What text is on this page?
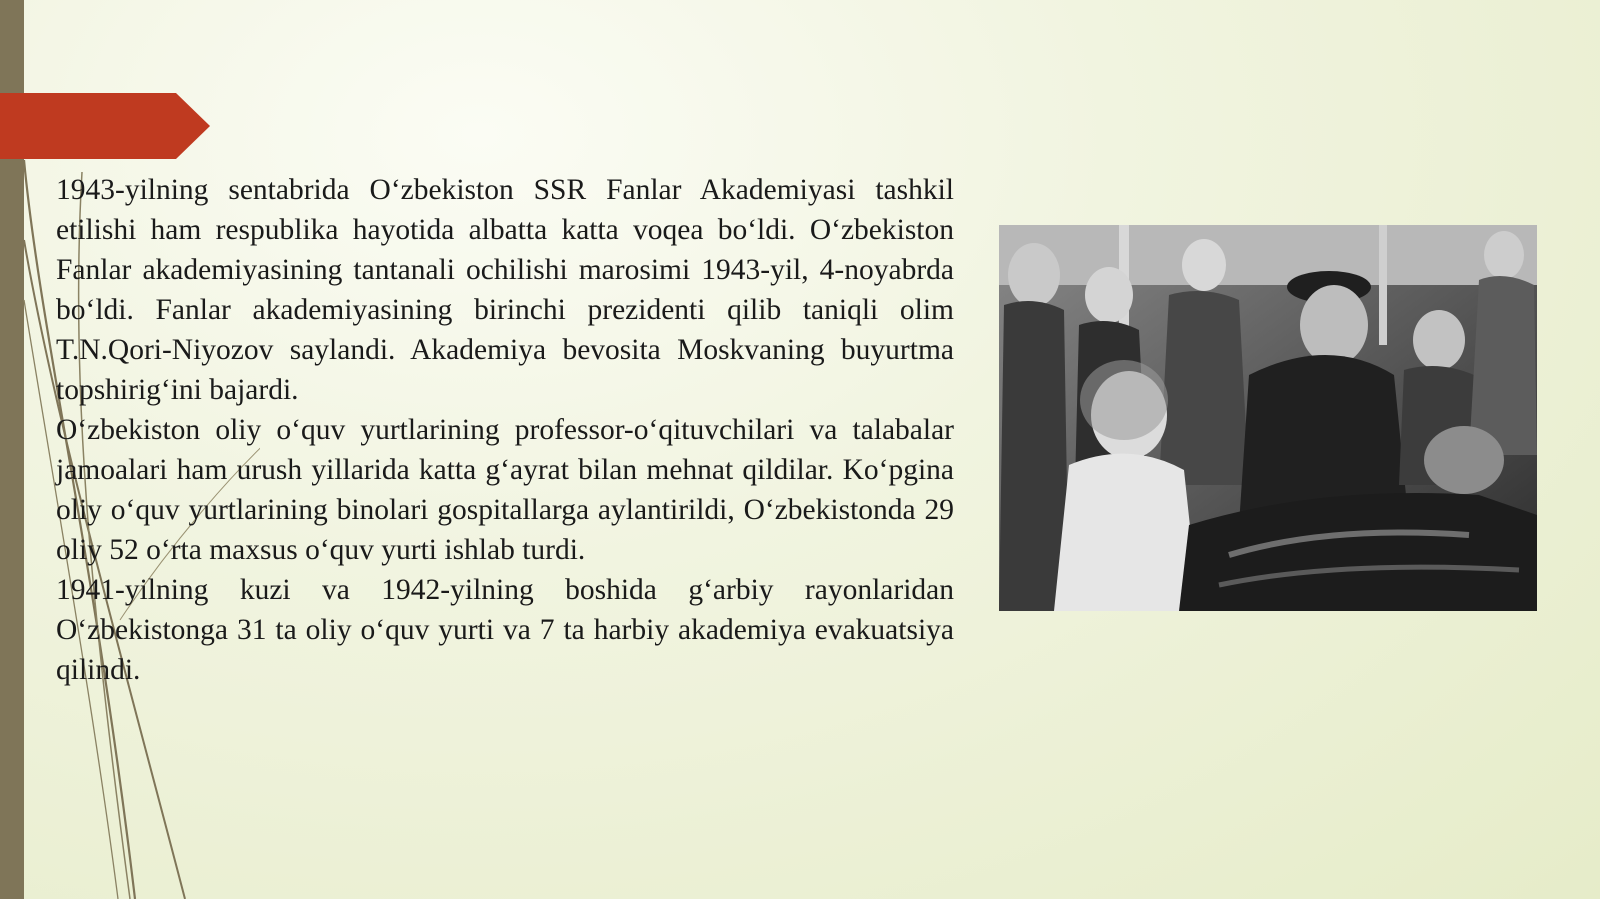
1943-yilning sentabrida O‘zbekiston SSR Fanlar Akademiyasi tashkil etilishi ham respublika hayotida albatta katta voqea bo‘ldi. O‘zbekiston Fanlar akademiyasining tantanali ochilishi marosimi 1943-yil, 4-noyabrda bo‘ldi. Fanlar akademiyasining birinchi prezidenti qilib taniqli olim T.N.Qori-Niyozov saylandi. Akademiya bevosita Moskvaning buyurtma topshirig‘ini bajardi.

O‘zbekiston oliy o‘quv yurtlarining professor-o‘qituvchilari va talabalar jamoalari ham urush yillarida katta g‘ayrat bilan mehnat qildilar. Ko‘pgina oliy o‘quv yurtlarining binolari gospitallarga aylantirildi, O‘zbekistonda 29 oliy 52 o‘rta maxsus o‘quv yurti ishlab turdi.

1941-yilning kuzi va 1942-yilning boshida g‘arbiy rayonlaridan O‘zbekistonga 31 ta oliy o‘quv yurti va 7 ta harbiy akademiya evakuatsiya qilindi.
